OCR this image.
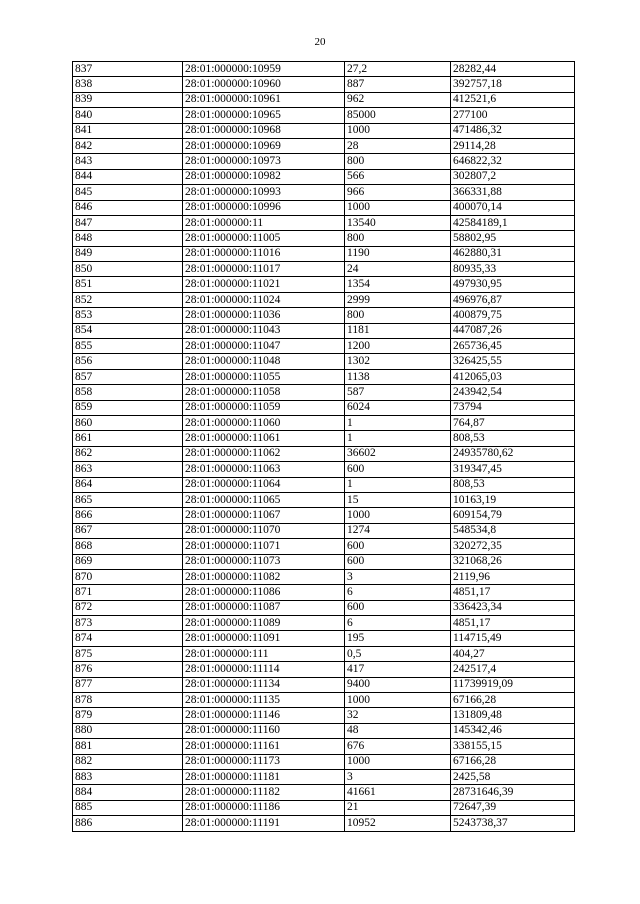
20
837	28:01:000000:10959	27,2	28282,44
838	28:01:000000:10960	887	392757,18
839	28:01:000000:10961	962	412521,6
840	28:01:000000:10965	85000	277100
841	28:01:000000:10968	1000	471486,32
842	28:01:000000:10969	28	29114,28
843	28:01:000000:10973	800	646822,32
844	28:01:000000:10982	566	302807,2
845	28:01:000000:10993	966	366331,88
846	28:01:000000:10996	1000	400070,14
847	28:01:000000:11	13540	42584189,1
848	28:01:000000:11005	800	58802,95
849	28:01:000000:11016	1190	462880,31
850	28:01:000000:11017	24	80935,33
851	28:01:000000:11021	1354	497930,95
852	28:01:000000:11024	2999	496976,87
853	28:01:000000:11036	800	400879,75
854	28:01:000000:11043	1181	447087,26
855	28:01:000000:11047	1200	265736,45
856	28:01:000000:11048	1302	326425,55
857	28:01:000000:11055	1138	412065,03
858	28:01:000000:11058	587	243942,54
859	28:01:000000:11059	6024	73794
860	28:01:000000:11060	1	764,87
861	28:01:000000:11061	1	808,53
862	28:01:000000:11062	36602	24935780,62
863	28:01:000000:11063	600	319347,45
864	28:01:000000:11064	1	808,53
865	28:01:000000:11065	15	10163,19
866	28:01:000000:11067	1000	609154,79
867	28:01:000000:11070	1274	548534,8
868	28:01:000000:11071	600	320272,35
869	28:01:000000:11073	600	321068,26
870	28:01:000000:11082	3	2119,96
871	28:01:000000:11086	6	4851,17
872	28:01:000000:11087	600	336423,34
873	28:01:000000:11089	6	4851,17
874	28:01:000000:11091	195	114715,49
875	28:01:000000:111	0,5	404,27
876	28:01:000000:11114	417	242517,4
877	28:01:000000:11134	9400	11739919,09
878	28:01:000000:11135	1000	67166,28
879	28:01:000000:11146	32	131809,48
880	28:01:000000:11160	48	145342,46
881	28:01:000000:11161	676	338155,15
882	28:01:000000:11173	1000	67166,28
883	28:01:000000:11181	3	2425,58
884	28:01:000000:11182	41661	28731646,39
885	28:01:000000:11186	21	72647,39
886	28:01:000000:11191	10952	5243738,37
